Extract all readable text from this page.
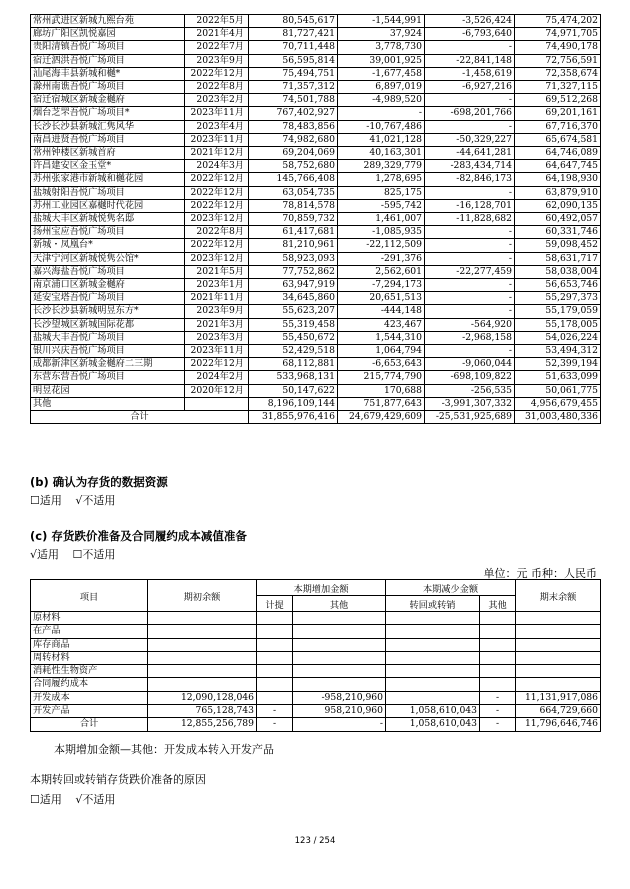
常州武进区新城九熙台苑	2022年5月	80,545,617	-1,544,991	-3,526,424	75,474,202
廊坊广阳区凯悦嘉园	2021年4月	81,727,421	37,924	-6,793,640	74,971,705
贵阳清镇吾悦广场项目	2022年7月	70,711,448	3,778,730	-	74,490,178
宿迁泗洪吾悦广场项目	2023年9月	56,595,814	39,001,925	-22,841,148	72,756,591
汕尾海丰县新城和樾*	2022年12月	75,494,751	-1,677,458	-1,458,619	72,358,674
滁州南谯吾悦广场项目	2022年8月	71,357,312	6,897,019	-6,927,216	71,327,115
宿迁宿城区新城金樾府	2023年2月	74,501,788	-4,989,520	-	69,512,268
烟台芝罘吾悦广场项目*	2023年11月	767,402,927	-	-698,201,766	69,201,161
长沙长沙县新城汇隽风华	2023年4月	78,483,856	-10,767,486	-	67,716,370
南昌进贤吾悦广场项目	2023年11月	74,982,680	41,021,128	-50,329,227	65,674,581
常州钟楼区新城首府	2021年12月	69,204,069	40,163,301	-44,641,281	64,746,089
许昌建安区金玉堂*	2024年3月	58,752,680	289,329,779	-283,434,714	64,647,745
苏州张家港市新城和樾花园	2022年12月	145,766,408	1,278,695	-82,846,173	64,198,930
盐城射阳吾悦广场项目	2022年12月	63,054,735	825,175	-	63,879,910
苏州工业园区嘉樾时代花园	2022年12月	78,814,578	-595,742	-16,128,701	62,090,135
盐城大丰区新城悦隽名邸	2023年12月	70,859,732	1,461,007	-11,828,682	60,492,057
扬州宝应吾悦广场项目	2022年8月	61,417,681	-1,085,935	-	60,331,746
新城・凤凰台*	2022年12月	81,210,961	-22,112,509	-	59,098,452
天津宁河区新城悦隽公馆*	2023年12月	58,923,093	-291,376	-	58,631,717
嘉兴海盐吾悦广场项目	2021年5月	77,752,862	2,562,601	-22,277,459	58,038,004
南京浦口区新城金樾府	2023年1月	63,947,919	-7,294,173	-	56,653,746
延安宝塔吾悦广场项目	2021年11月	34,645,860	20,651,513	-	55,297,373
长沙长沙县新城明昱东方*	2023年9月	55,623,207	-444,148	-	55,179,059
长沙望城区新城国际花都	2021年3月	55,319,458	423,467	-564,920	55,178,005
盐城大丰吾悦广场项目	2023年3月	55,450,672	1,544,310	-2,968,158	54,026,224
银川兴庆吾悦广场项目	2023年11月	52,429,518	1,064,794	-	53,494,312
成都新津区新城金樾府二三期	2022年12月	68,112,881	-6,653,643	-9,060,044	52,399,194
东营东营吾悦广场项目	2024年2月	533,968,131	215,774,790	-698,109,822	51,633,099
明昱花园	2020年12月	50,147,622	170,688	-256,535	50,061,775
其他		8,196,109,144	751,877,643	-3,991,307,332	4,956,679,455
合计		31,855,976,416	24,679,429,609	-25,531,925,689	31,003,480,336
(b) 确认为存货的数据资源
☐适用 √不适用
(c) 存货跌价准备及合同履约成本减值准备
√适用 ☐不适用
单位：元 币种：人民币
项目	期初余额	本期增加金额		本期减少金额		期末余额
		计提	其他	转回或转销	其他	
原材料						
在产品						
库存商品						
周转材料						
消耗性生物资产						
合同履约成本						
开发成本	12,090,128,046		-958,210,960		-	11,131,917,086
开发产品	765,128,743	-	958,210,960	1,058,610,043	-	664,729,660
合计	12,855,256,789	-	-	1,058,610,043	-	11,796,646,746
本期增加金额—其他：开发成本转入开发产品
本期转回或转销存货跌价准备的原因
☐适用 √不适用
123 / 254
